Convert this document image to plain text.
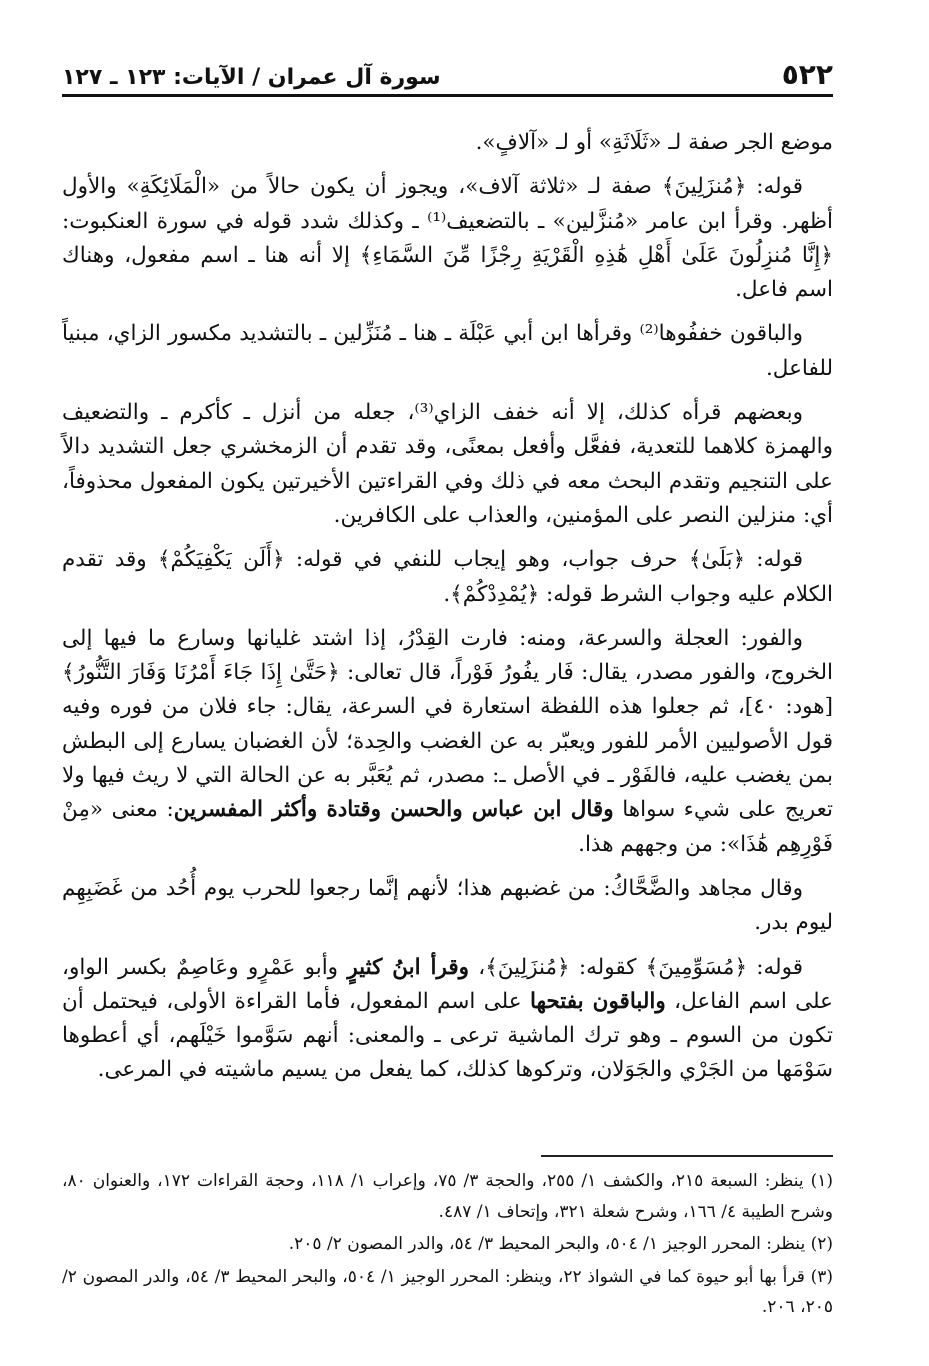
٥٢٢
سورة آل عمران / الآيات: ١٢٣ ـ ١٢٧

موضع الجر صفة لـ «ثَلَاثَةِ» أو لـ «آلافٍ».

قوله: ﴿مُنزَلِينَ﴾ صفة لـ «ثلاثة آلاف»، ويجوز أن يكون حالاً من «الْمَلَائِكَةِ» والأول أظهر. وقرأ ابن عامر «مُنزَّلين» ـ بالتضعيف⁽¹⁾ ـ وكذلك شدد قوله في سورة العنكبوت: ﴿إِنَّا مُنزِلُونَ عَلَىٰ أَهْلِ هَٰذِهِ الْقَرْيَةِ رِجْزًا مِّنَ السَّمَاءِ﴾ إلا أنه هنا ـ اسم مفعول، وهناك اسم فاعل.

والباقون خففُوها⁽²⁾ وقرأها ابن أبي عَبْلَة ـ هنا ـ مُنَزِّلين ـ بالتشديد مكسور الزاي، مبنياً للفاعل.

وبعضهم قرأه كذلك، إلا أنه خفف الزاي⁽³⁾، جعله من أنزل ـ كأكرم ـ والتضعيف والهمزة كلاهما للتعدية، ففعَّل وأفعل بمعنًى، وقد تقدم أن الزمخشري جعل التشديد دالاً على التنجيم وتقدم البحث معه في ذلك وفي القراءتين الأخيرتين يكون المفعول محذوفاً، أي: منزلين النصر على المؤمنين، والعذاب على الكافرين.

قوله: ﴿بَلَىٰ﴾ حرف جواب، وهو إيجاب للنفي في قوله: ﴿أَلَن يَكْفِيَكُمْ﴾ وقد تقدم الكلام عليه وجواب الشرط قوله: ﴿يُمْدِدْكُمْ﴾.

والفور: العجلة والسرعة، ومنه: فارت القِدْرُ، إذا اشتد غليانها وسارع ما فيها إلى الخروج، والفور مصدر، يقال: فَار يفُورُ فَوْراً، قال تعالى: ﴿حَتَّىٰ إِذَا جَاءَ أَمْرُنَا وَفَارَ التَّنُّورُ﴾ [هود: ٤٠]، ثم جعلوا هذه اللفظة استعارة في السرعة، يقال: جاء فلان من فوره وفيه قول الأصوليين الأمر للفور ويعبّر به عن الغضب والحِدة؛ لأن الغضبان يسارع إلى البطش بمن يغضب عليه، فالفَوْر ـ في الأصل ـ: مصدر، ثم يُعَبَّر به عن الحالة التي لا ريث فيها ولا تعريج على شيء سواها وقال ابن عباس والحسن وقتادة وأكثر المفسرين: معنى «مِنْ فَوْرِهِم هَٰذَا»: من وجههم هذا.

وقال مجاهد والضَّحَّاكُ: من غضبهم هذا؛ لأنهم إنَّما رجعوا للحرب يوم أُحُد من غَضَبِهِم ليوم بدر.

قوله: ﴿مُسَوِّمِينَ﴾ كقوله: ﴿مُنزَلِينَ﴾، وقرأ ابنُ كثيرٍ وأبو عَمْرٍو وعَاصِمٌ بكسر الواو، على اسم الفاعل، والباقون بفتحها على اسم المفعول، فأما القراءة الأولى، فيحتمل أن تكون من السوم ـ وهو ترك الماشية ترعى ـ والمعنى: أنهم سَوَّموا خَيْلَهم، أي أعطوها سَوْمَها من الجَرْي والجَوَلان، وتركوها كذلك، كما يفعل من يسيم ماشيته في المرعى.

(١) ينظر: السبعة ٢١٥، والكشف ١/ ٢٥٥، والحجة ٣/ ٧٥، وإعراب ١/ ١١٨، وحجة القراءات ١٧٢، والعنوان ٨٠، وشرح الطيبة ٤/ ١٦٦، وشرح شعلة ٣٢١، وإتحاف ١/ ٤٨٧.

(٢) ينظر: المحرر الوجيز ١/ ٥٠٤، والبحر المحيط ٣/ ٥٤، والدر المصون ٢/ ٢٠٥.

(٣) قرأ بها أبو حيوة كما في الشواذ ٢٢، وينظر: المحرر الوجيز ١/ ٥٠٤، والبحر المحيط ٣/ ٥٤، والدر المصون ٢/ ٢٠٥، ٢٠٦.
